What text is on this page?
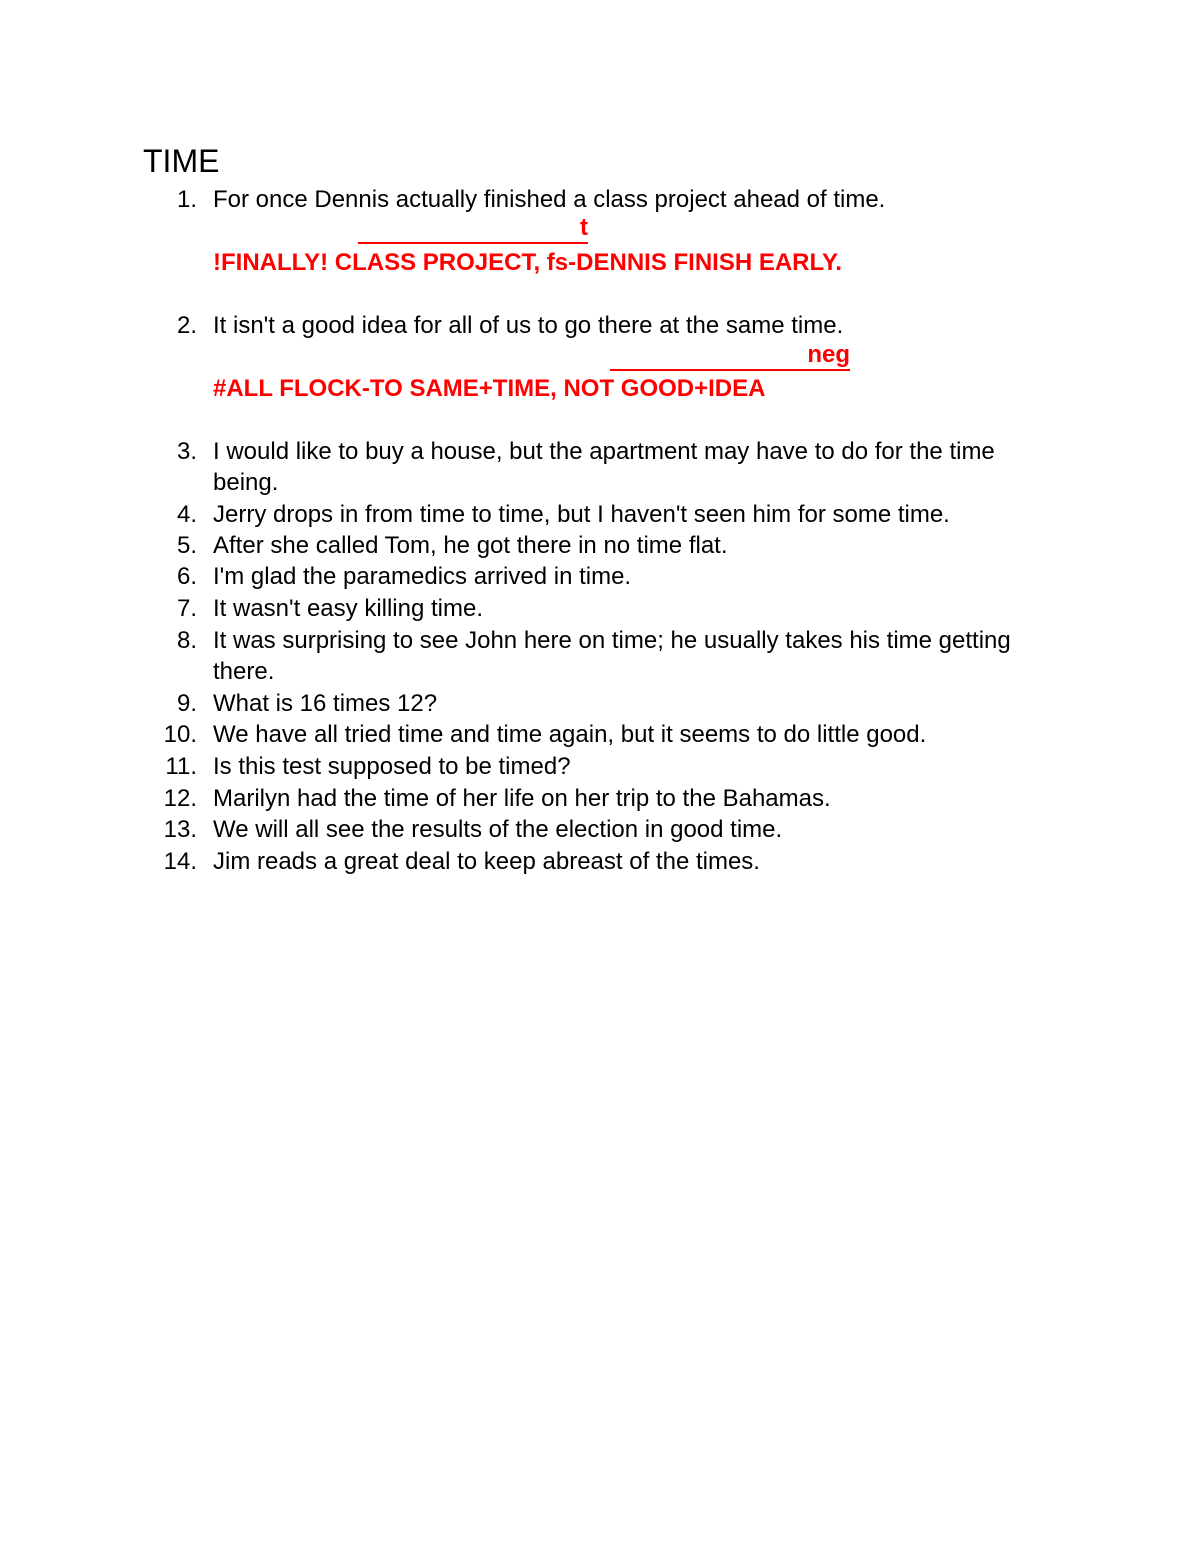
TIME
1. For once Dennis actually finished a class project ahead of time.
t
!FINALLY! CLASS PROJECT, fs-DENNIS FINISH EARLY.
2. It isn't a good idea for all of us to go there at the same time.
neg
#ALL FLOCK-TO SAME+TIME, NOT GOOD+IDEA
3. I would like to buy a house, but the apartment may have to do for the time
being.
4. Jerry drops in from time to time, but I haven't seen him for some time.
5. After she called Tom, he got there in no time flat.
6. I'm glad the paramedics arrived in time.
7. It wasn't easy killing time.
8. It was surprising to see John here on time; he usually takes his time getting
there.
9. What is 16 times 12?
10. We have all tried time and time again, but it seems to do little good.
11. Is this test supposed to be timed?
12. Marilyn had the time of her life on her trip to the Bahamas.
13. We will all see the results of the election in good time.
14. Jim reads a great deal to keep abreast of the times.
